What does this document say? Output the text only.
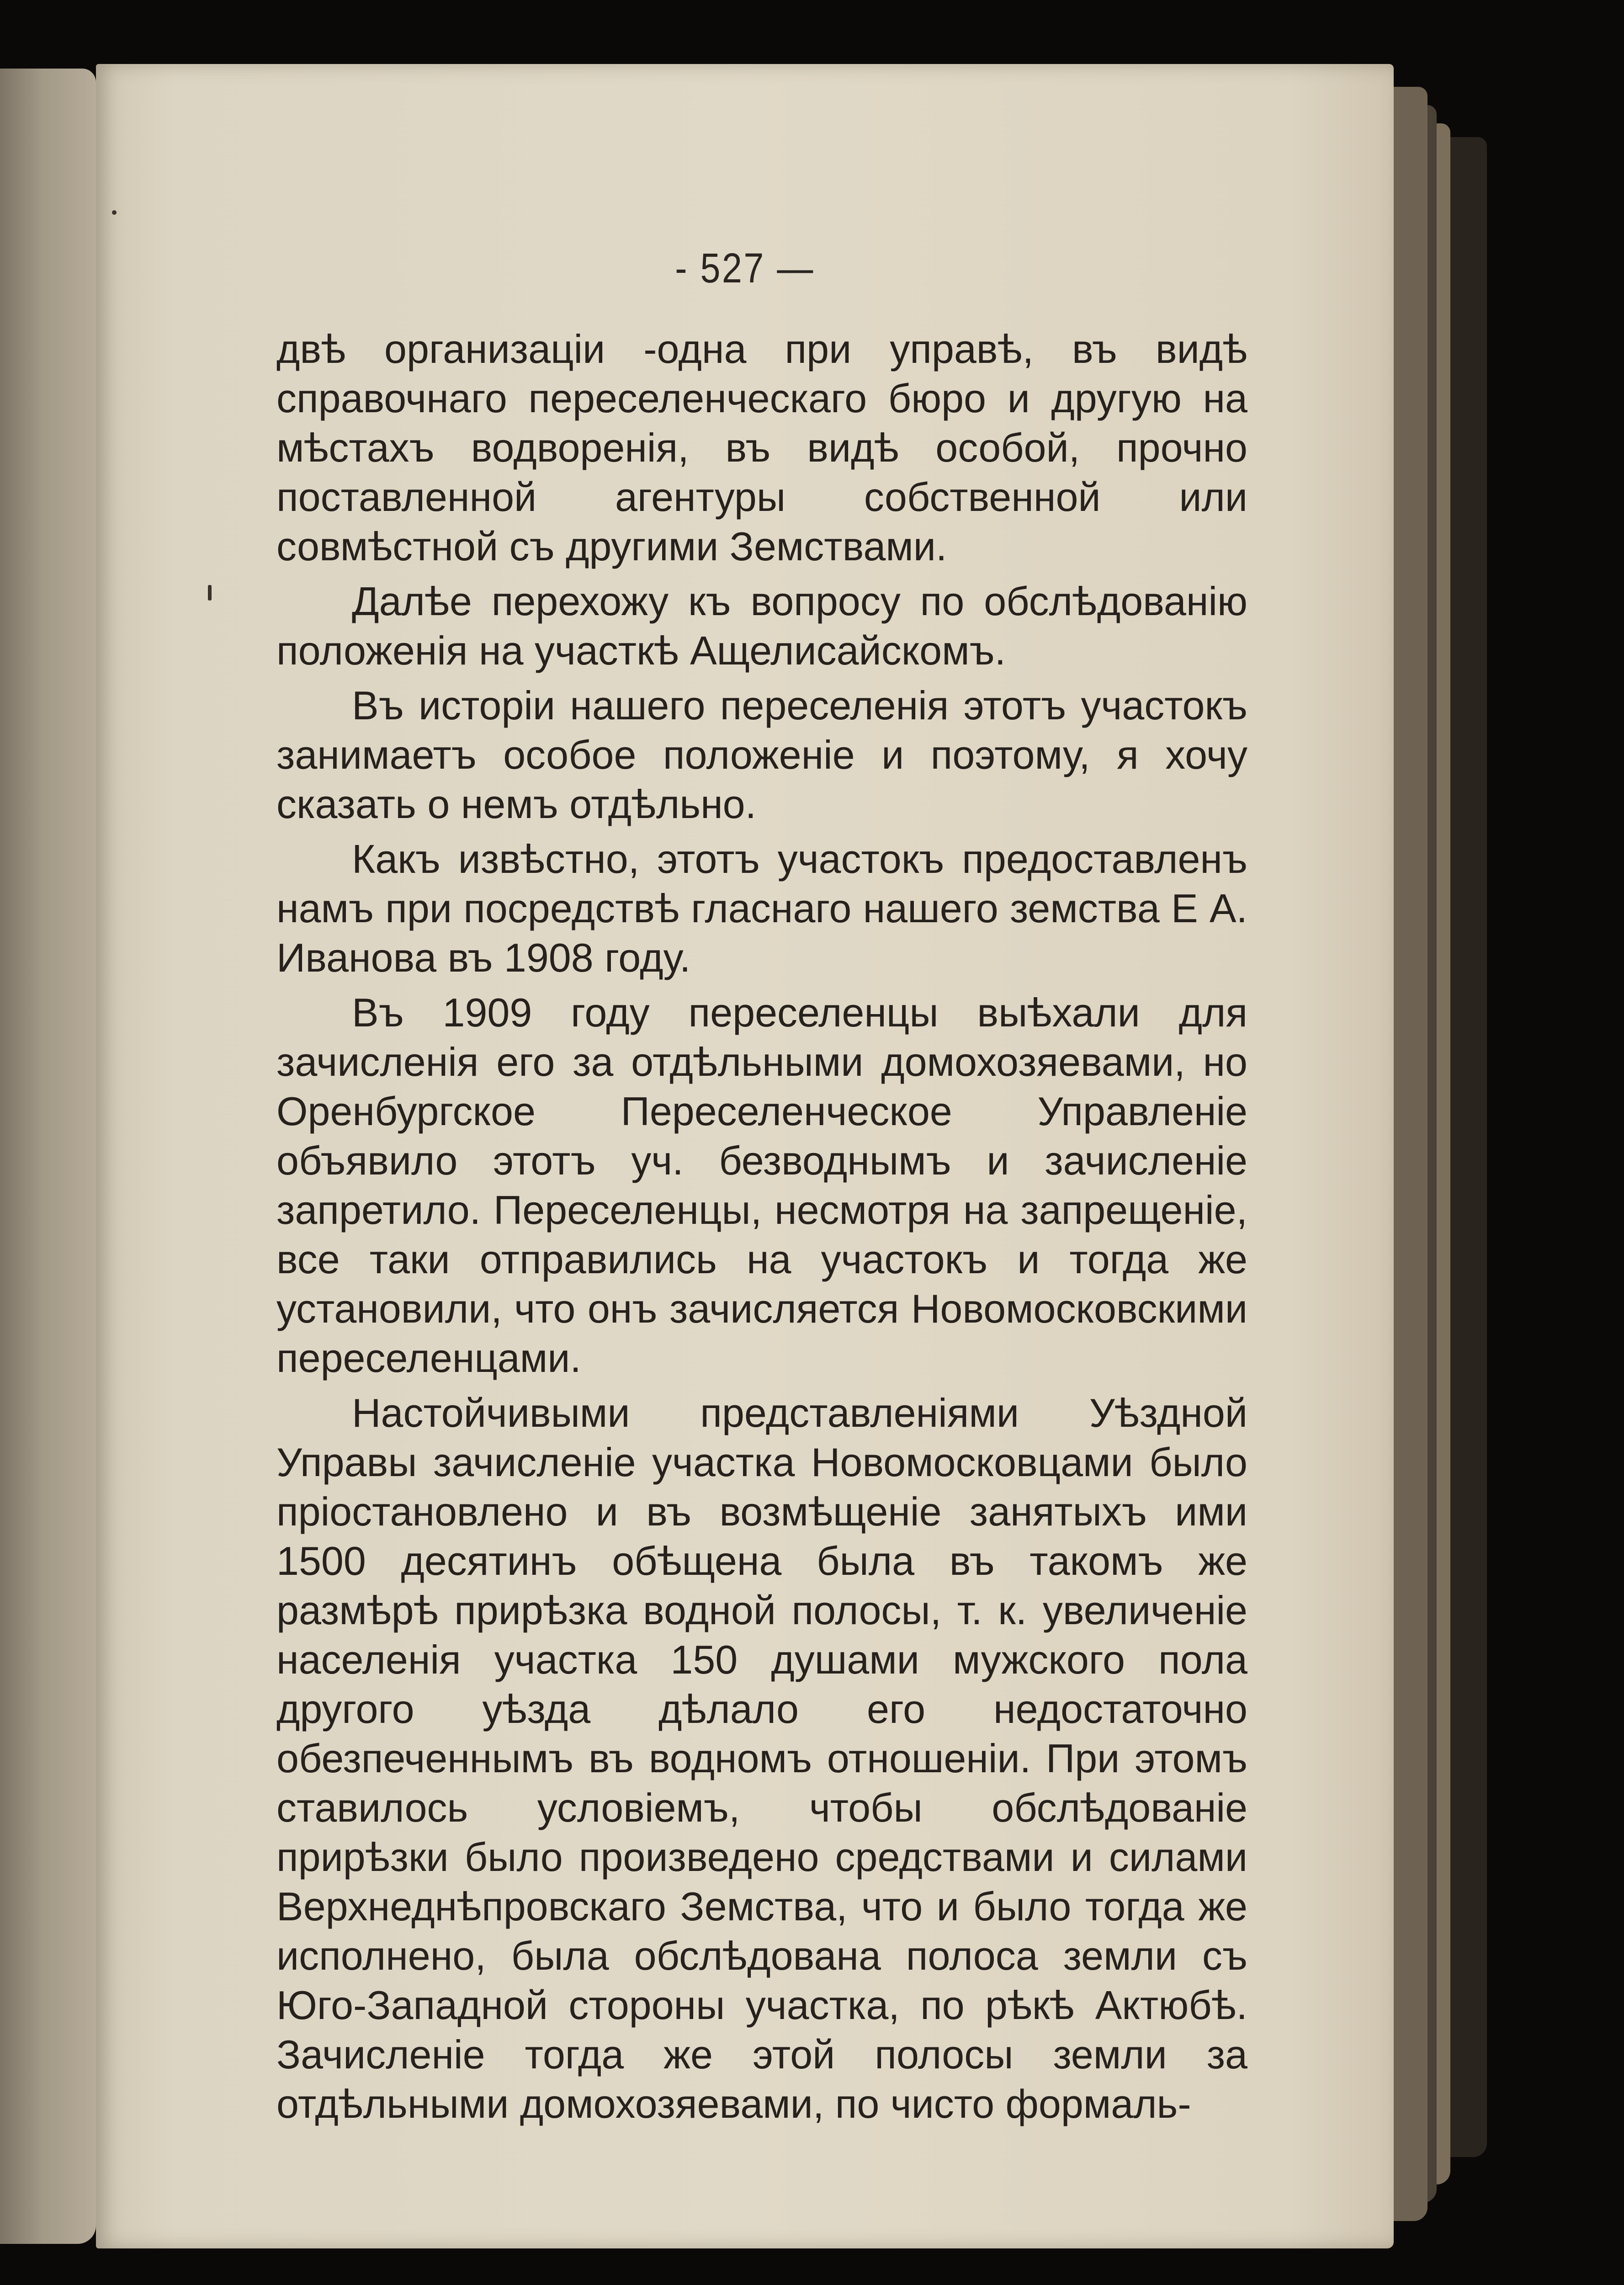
- 527 —

двѣ организаціи -одна при управѣ, въ видѣ справочнаго переселенческаго бюро и другую на мѣстахъ водворенія, въ видѣ особой, прочно поставленной агентуры собственной или совмѣстной съ другими Земствами.

Далѣе перехожу къ вопросу по обслѣдованію положенія на участкѣ Ащелисайскомъ.

Въ исторіи нашего переселенія этотъ участокъ занимаетъ особое положеніе и поэтому, я хочу сказать о немъ отдѣльно.

Какъ извѣстно, этотъ участокъ предоставленъ намъ при посредствѣ гласнаго нашего земства Е А. Иванова въ 1908 году.

Въ 1909 году переселенцы выѣхали для зачисленія его за отдѣльными домохозяевами, но Оренбургское Переселенческое Управленіе объявило этотъ уч. безводнымъ и зачисленіе запретило. Переселенцы, несмотря на запрещеніе, все таки отправились на участокъ и тогда же установили, что онъ зачисляется Новомосковскими переселенцами.

Настойчивыми представленіями Уѣздной Управы зачисленіе участка Новомосковцами было пріостановлено и въ возмѣщеніе занятыхъ ими 1500 десятинъ обѣщена была въ такомъ же размѣрѣ прирѣзка водной полосы, т. к. увеличеніе населенія участка 150 душами мужского пола другого уѣзда дѣлало его недостаточно обезпеченнымъ въ водномъ отношеніи. При этомъ ставилось условіемъ, чтобы обслѣдованіе прирѣзки было произведено средствами и силами Верхнеднѣпровскаго Земства, что и было тогда же исполнено, была обслѣдована полоса земли съ Юго-Западной стороны участка, по рѣкѣ Актюбѣ. Зачисленіе тогда же этой полосы земли за отдѣльными домохозяевами, по чисто формаль-
